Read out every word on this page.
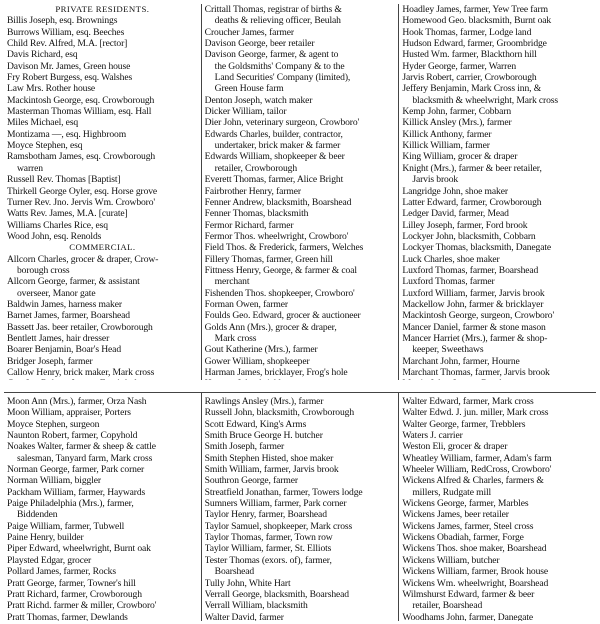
PRIVATE RESIDENTS.
Billis Joseph, esq. Brownings
Burrows William, esq. Beeches
Child Rev. Alfred, M.A. [rector]
Davis Richard, esq
Davison Mr. James, Green house
Fry Robert Burgess, esq. Walshes
Law Mrs. Rother house
Mackintosh George, esq. Crowborough
Masterman Thomas William, esq. Hall
Miles Michael, esq
Montizama —, esq. Highbroom
Moyce Stephen, esq
Ramsbotham James, esq. Crowborough
warren
Russell Rev. Thomas [Baptist]
Thirkell George Oyler, esq. Horse grove
Turner Rev. Jno. Jervis Wm. Crowboro'
Watts Rev. James, M.A. [curate]
Williams Charles Rice, esq
Wood John, esq. Renolds
COMMERCIAL.
Allcorn Charles, grocer & draper, Crow-
borough cross
Allcorn George, farmer, & assistant
overseer, Manor gate
Baldwin James, harness maker
Barnet James, farmer, Boarshead
Bassett Jas. beer retailer, Crowborough
Bentlett James, hair dresser
Boarer Benjamin, Boar's Head
Bridger Joseph, farmer
Callow Henry, brick maker, Mark cross
Crittall Thomas, registrar of births &
deaths & relieving officer, Beulah
Croucher James, farmer
Davison George, beer retailer
Davison George, farmer, & agent to
the Goldsmiths' Company & to the
Land Securities' Company (limited),
Green House farm
Denton Joseph, watch maker
Dicker William, tailor
Dier John, veterinary surgeon, Crowboro'
Edwards Charles, builder, contractor,
undertaker, brick maker & farmer
Edwards William, shopkeeper & beer
retailer, Crowborough
Everett Thomas, farmer, Alice Bright
Fairbrother Henry, farmer
Fenner Andrew, blacksmith, Boarshead
Fenner Thomas, blacksmith
Fermor Richard, farmer
Fermor Thos. wheelwright, Crowboro'
Field Thos. & Frederick, farmers, Welches
Fillery Thomas, farmer, Green hill
Fittness Henry, George, & farmer & coal
merchant
Fishenden Thos. shopkeeper, Crowboro'
Forman Owen, farmer
Foulds Geo. Edward, grocer & auctioneer
Golds Ann (Mrs.), grocer & draper,
Mark cross
Gout Katherine (Mrs.), farmer
Gower William, shopkeeper
Harman James, bricklayer, Frog's hole
Hoadley James, farmer, Yew Tree farm
Homewood Geo. blacksmith, Burnt oak
Hook Thomas, farmer, Lodge land
Hudson Edward, farmer, Groombridge
Husted Wm. farmer, Blackthorn hill
Hyder George, farmer, Warren
Jarvis Robert, carrier, Crowborough
Jeffery Benjamin, Mark Cross inn, &
blacksmith & wheelwright, Mark cross
Kemp John, farmer, Cobbarn
Killick Ansley (Mrs.), farmer
Killick Anthony, farmer
Killick William, farmer
King William, grocer & draper
Knight (Mrs.), farmer & beer retailer,
Jarvis brook
Langridge John, shoe maker
Latter Edward, farmer, Crowborough
Ledger David, farmer, Mead
Lilley Joseph, farmer, Ford brook
Lockyer John, blacksmith, Cobbarn
Lockyer Thomas, blacksmith, Danegate
Luck Charles, shoe maker
Luxford Thomas, farmer, Boarshead
Luxford Thomas, farmer
Luxford William, farmer, Jarvis brook
Mackellow John, farmer & bricklayer
Mackintosh George, surgeon, Crowboro'
Mancer Daniel, farmer & stone mason
Mancer Harriet (Mrs.), farmer & shop-
keeper, Sweethaws
Marchant John, farmer, Hourne
Marchant Thomas, farmer, Jarvis brook
Moon Ann (Mrs.), farmer, Orza Nash
Moon William, appraiser, Porters
Moyce Stephen, surgeon
Naunton Robert, farmer, Copyhold
Noakes Walter, farmer & sheep & cattle
salesman, Tanyard farm, Mark cross
Norman George, farmer, Park corner
Norman William, biggler
Packham William, farmer, Haywards
Paige Philadelphia (Mrs.), farmer,
Biddenden
Paige William, farmer, Tubwell
Paine Henry, builder
Piper Edward, wheelwright, Burnt oak
Playsted Edgar, grocer
Pollard James, farmer, Rocks
Pratt George, farmer, Towner's hill
Pratt Richard, farmer, Crowborough
Pratt Richd. farmer & miller, Crowboro'
Pratt Thomas, farmer, Dewlands
Rawlings Ansley (Mrs.), farmer
Russell John, blacksmith, Crowborough
Scott Edward, King's Arms
Smith Bruce George H. butcher
Smith Joseph, farmer
Smith Stephen Histed, shoe maker
Smith William, farmer, Jarvis brook
Southron George, farmer
Streatfield Jonathan, farmer, Towers lodge
Sumners William, farmer, Park corner
Taylor Henry, farmer, Boarshead
Taylor Samuel, shopkeeper, Mark cross
Taylor Thomas, farmer, Town row
Taylor William, farmer, St. Elliots
Tester Thomas (exors. of), farmer,
Boarshead
Tully John, White Hart
Verrall George, blacksmith, Boarshead
Verrall William, blacksmith
Walter David, farmer
Walter Edward, farmer, Mark cross
Walter Edwd. J. jun. miller, Mark cross
Walter George, farmer, Trebblers
Waters J. carrier
Weston Eli, grocer & draper
Wheatley William, farmer, Adam's farm
Wheeler William, RedCross, Crowboro'
Wickens Alfred & Charles, farmers &
millers, Rudgate mill
Wickens George, farmer, Marbles
Wickens James, beer retailer
Wickens James, farmer, Steel cross
Wickens Obadiah, farmer, Forge
Wickens Thos. shoe maker, Boarshead
Wickens William, butcher
Wickens William, farmer, Brook house
Wickens Wm. wheelwright, Boarshead
Wilmshurst Edward, farmer & beer
retailer, Boarshead
Woodhams John, farmer, Danegate
